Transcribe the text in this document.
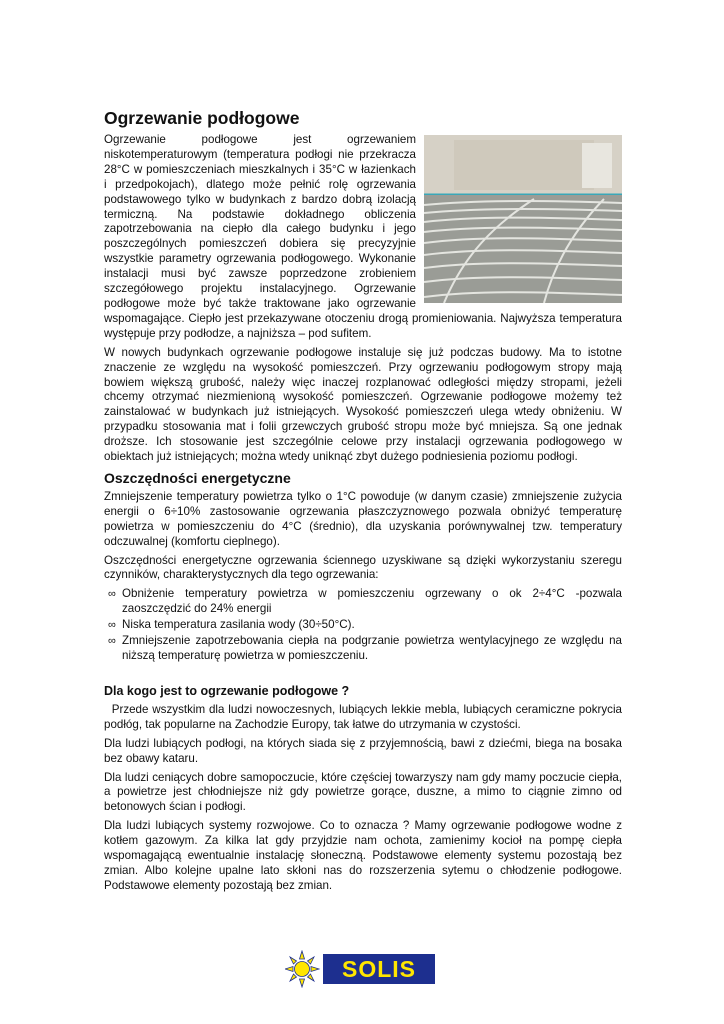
Ogrzewanie podłogowe

Ogrzewanie podłogowe jest ogrzewaniem niskotemperaturowym (temperatura podłogi nie przekracza 28°C w pomieszczeniach mieszkalnych i 35°C w łazienkach i przedpokojach), dlatego może pełnić rolę ogrzewania podstawowego tylko w budynkach z bardzo dobrą izolacją termiczną. Na podstawie dokładnego obliczenia zapotrzebowania na ciepło dla całego budynku i jego poszczególnych pomieszczeń dobiera się precyzyjnie wszystkie parametry ogrzewania podłogowego. Wykonanie instalacji musi być zawsze poprzedzone zrobieniem szczegółowego projektu instalacyjnego. Ogrzewanie podłogowe może być także traktowane jako ogrzewanie wspomagające. Ciepło jest przekazywane otoczeniu drogą promieniowania. Najwyższa temperatura występuje przy podłodze, a najniższa – pod sufitem.

W nowych budynkach ogrzewanie podłogowe instaluje się już podczas budowy. Ma to istotne znaczenie ze względu na wysokość pomieszczeń. Przy ogrzewaniu podłogowym stropy mają bowiem większą grubość, należy więc inaczej rozplanować odległości między stropami, jeżeli chcemy otrzymać niezmienioną wysokość pomieszczeń. Ogrzewanie podłogowe możemy też zainstalować w budynkach już istniejących. Wysokość pomieszczeń ulega wtedy obniżeniu. W przypadku stosowania mat i folii grzewczych grubość stropu może być mniejsza. Są one jednak droższe. Ich stosowanie jest szczególnie celowe przy instalacji ogrzewania podłogowego w obiektach już istniejących; można wtedy uniknąć zbyt dużego podniesienia poziomu podłogi.

Oszczędności energetyczne

Zmniejszenie temperatury powietrza tylko o 1°C powoduje (w danym czasie) zmniejszenie zużycia energii o 6÷10% zastosowanie ogrzewania płaszczyznowego pozwala obniżyć temperaturę powietrza w pomieszczeniu do 4°C (średnio), dla uzyskania porównywalnej tzw. temperatury odczuwalnej (komfortu cieplnego).

Oszczędności energetyczne ogrzewania ściennego uzyskiwane są dzięki wykorzystaniu szeregu czynników, charakterystycznych dla tego ogrzewania:

∞ Obniżenie temperatury powietrza w pomieszczeniu ogrzewany o ok 2÷4°C -pozwala zaoszczędzić do 24% energii
∞ Niska temperatura zasilania wody (30÷50°C).
∞ Zmniejszenie zapotrzebowania ciepła na podgrzanie powietrza wentylacyjnego ze względu na niższą temperaturę powietrza w pomieszczeniu.
Dla kogo jest to ogrzewanie podłogowe ?

Przede wszystkim dla ludzi nowoczesnych, lubiących lekkie mebla, lubiących ceramiczne pokrycia podłóg, tak popularne na Zachodzie Europy, tak łatwe do utrzymania w czystości.

Dla ludzi lubiących podłogi, na których siada się z przyjemnością, bawi z dziećmi, biega na bosaka bez obawy kataru.

Dla ludzi ceniących dobre samopoczucie, które częściej towarzyszy nam gdy mamy poczucie ciepła, a powietrze jest chłodniejsze niż gdy powietrze gorące, duszne, a mimo to ciągnie zimno od betonowych ścian i podłogi.

Dla ludzi lubiących systemy rozwojowe. Co to oznacza ? Mamy ogrzewanie podłogowe wodne z kotłem gazowym. Za kilka lat gdy przyjdzie nam ochota, zamienimy kocioł na pompę ciepła wspomagającą ewentualnie instalację słoneczną. Podstawowe elementy systemu pozostają bez zmian. Albo kolejne upalne lato skłoni nas do rozszerzenia sytemu o chłodzenie podłogowe. Podstawowe elementy pozostają bez zmian.

SOLIS
